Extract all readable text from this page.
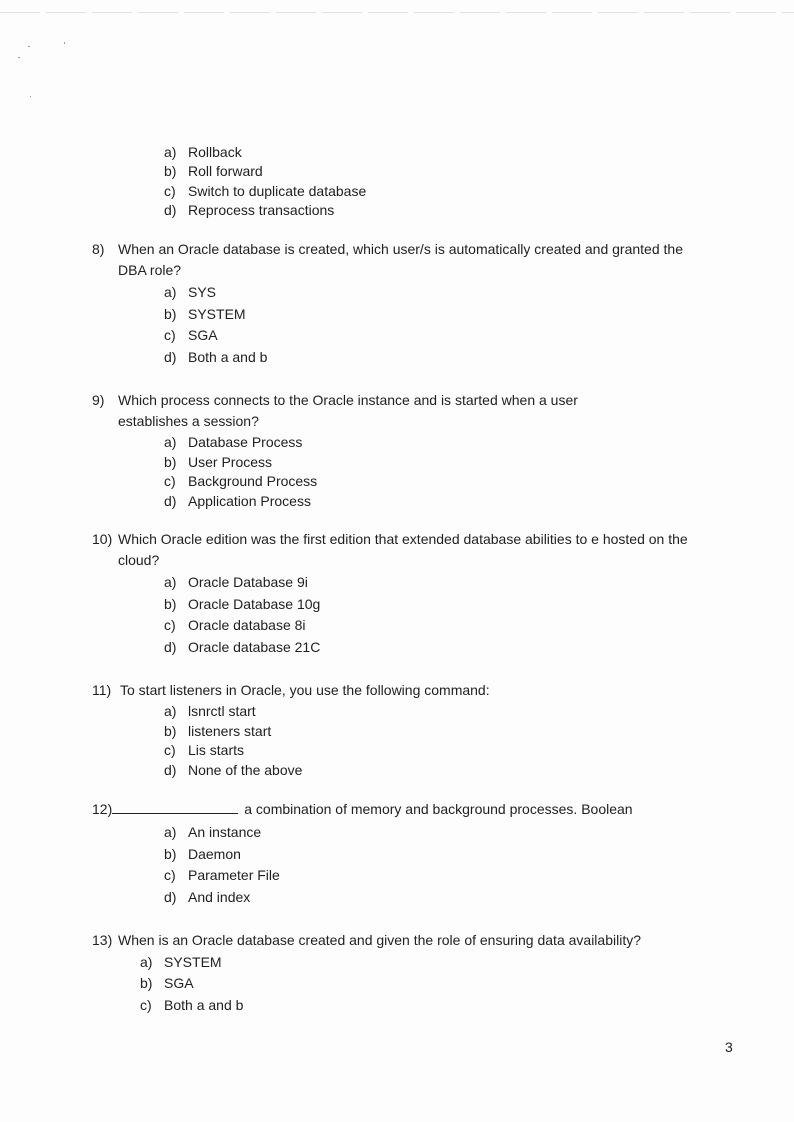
a) Rollback
b) Roll forward
c) Switch to duplicate database
d) Reprocess transactions
8) When an Oracle database is created, which user/s is automatically created and granted the
DBA role?
a) SYS
b) SYSTEM
c) SGA
d) Both a and b
9) Which process connects to the Oracle instance and is started when a user
establishes a session?
a) Database Process
b) User Process
c) Background Process
d) Application Process
10) Which Oracle edition was the first edition that extended database abilities to e hosted on the
cloud?
a) Oracle Database 9i
b) Oracle Database 10g
c) Oracle database 8i
d) Oracle database 21C
11) To start listeners in Oracle, you use the following command:
a) lsnrctl start
b) listeners start
c) Lis starts
d) None of the above
12)	a combination of memory and background processes. Boolean
a) An instance
b) Daemon
c) Parameter File
d) And index
13) When is an Oracle database created and given the role of ensuring data availability?
a) SYSTEM
b) SGA
c) Both a and b
3
